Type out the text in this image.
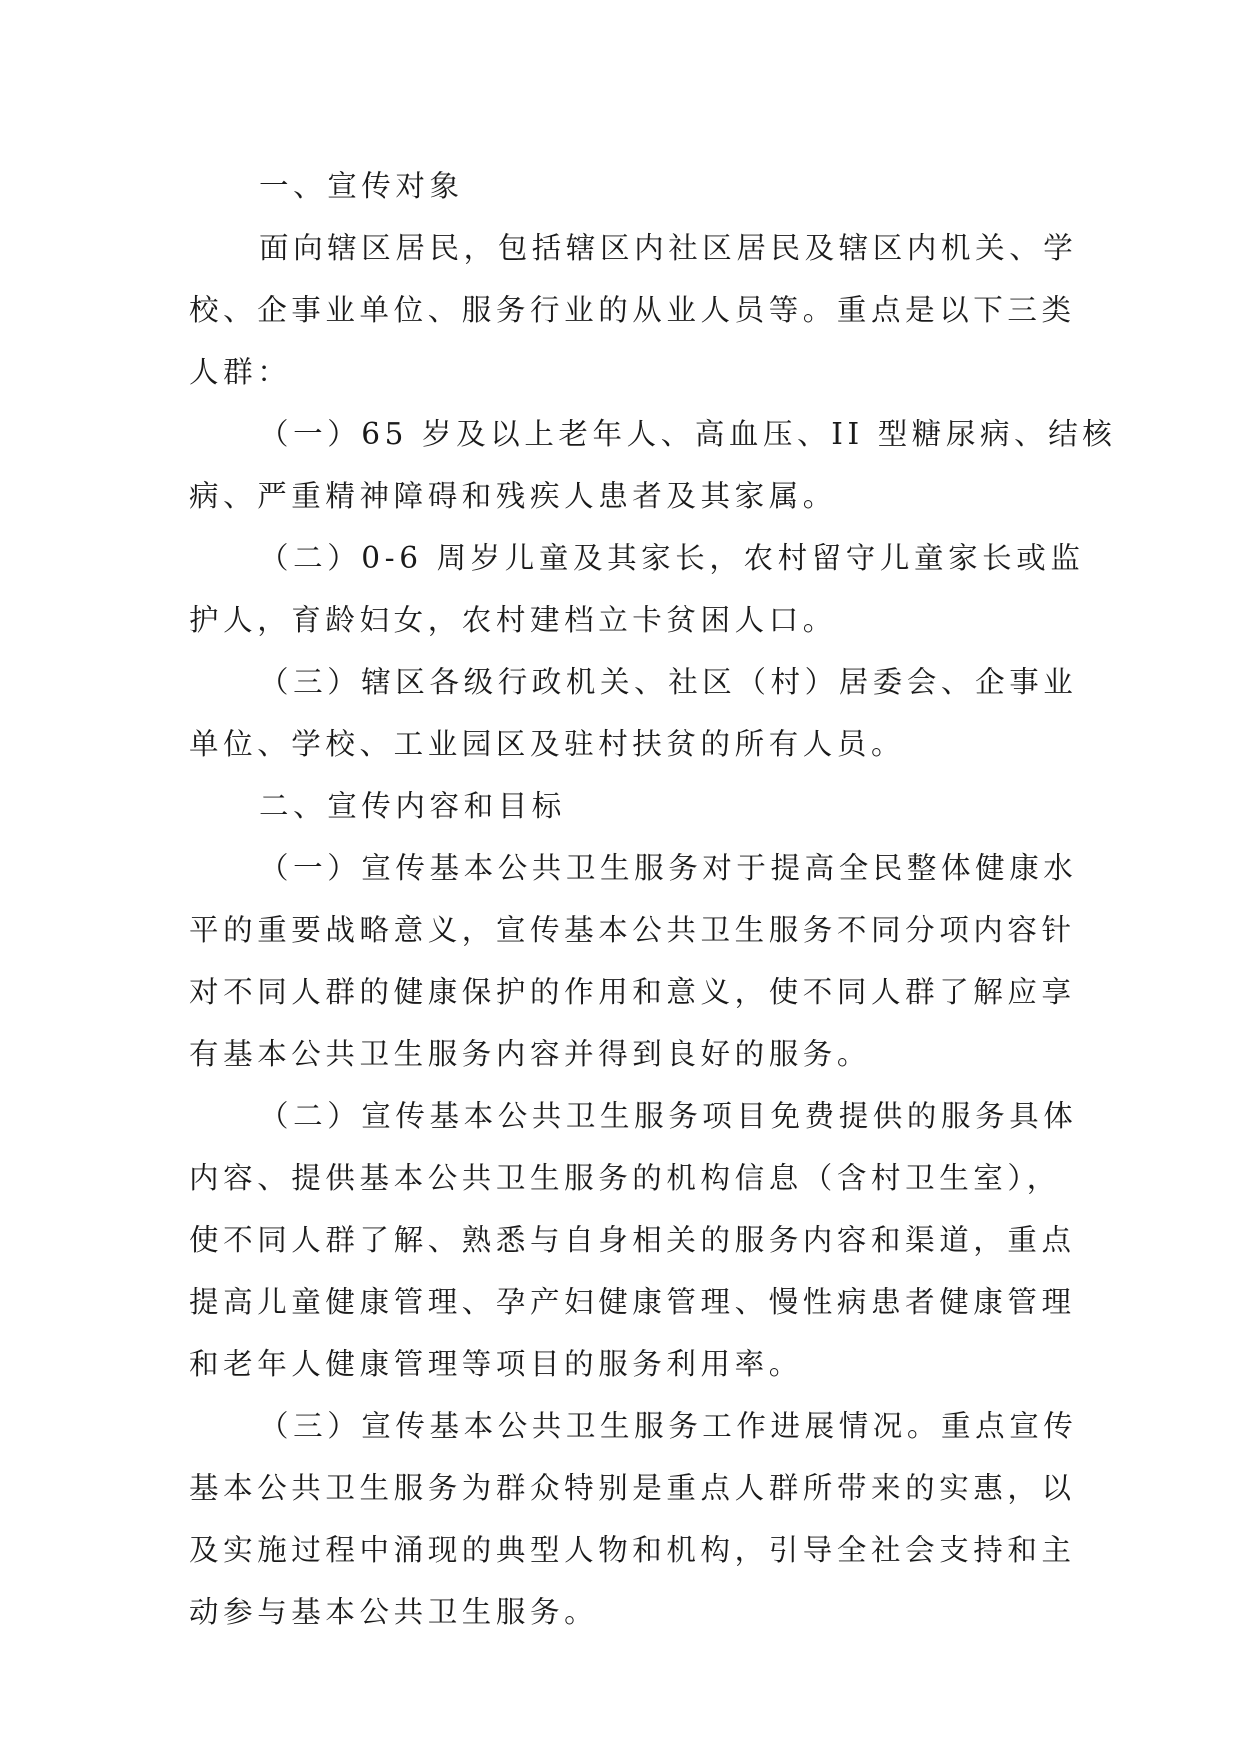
一、宣传对象
面向辖区居民，包括辖区内社区居民及辖区内机关、学
校、企事业单位、服务行业的从业人员等。重点是以下三类
人群：
（一）65 岁及以上老年人、高血压、II 型糖尿病、结核
病、严重精神障碍和残疾人患者及其家属。
（二）0-6 周岁儿童及其家长，农村留守儿童家长或监
护人，育龄妇女，农村建档立卡贫困人口。
（三）辖区各级行政机关、社区（村）居委会、企事业
单位、学校、工业园区及驻村扶贫的所有人员。
二、宣传内容和目标
（一）宣传基本公共卫生服务对于提高全民整体健康水
平的重要战略意义，宣传基本公共卫生服务不同分项内容针
对不同人群的健康保护的作用和意义，使不同人群了解应享
有基本公共卫生服务内容并得到良好的服务。
（二）宣传基本公共卫生服务项目免费提供的服务具体
内容、提供基本公共卫生服务的机构信息（含村卫生室），
使不同人群了解、熟悉与自身相关的服务内容和渠道，重点
提高儿童健康管理、孕产妇健康管理、慢性病患者健康管理
和老年人健康管理等项目的服务利用率。
（三）宣传基本公共卫生服务工作进展情况。重点宣传
基本公共卫生服务为群众特别是重点人群所带来的实惠，以
及实施过程中涌现的典型人物和机构，引导全社会支持和主
动参与基本公共卫生服务。
